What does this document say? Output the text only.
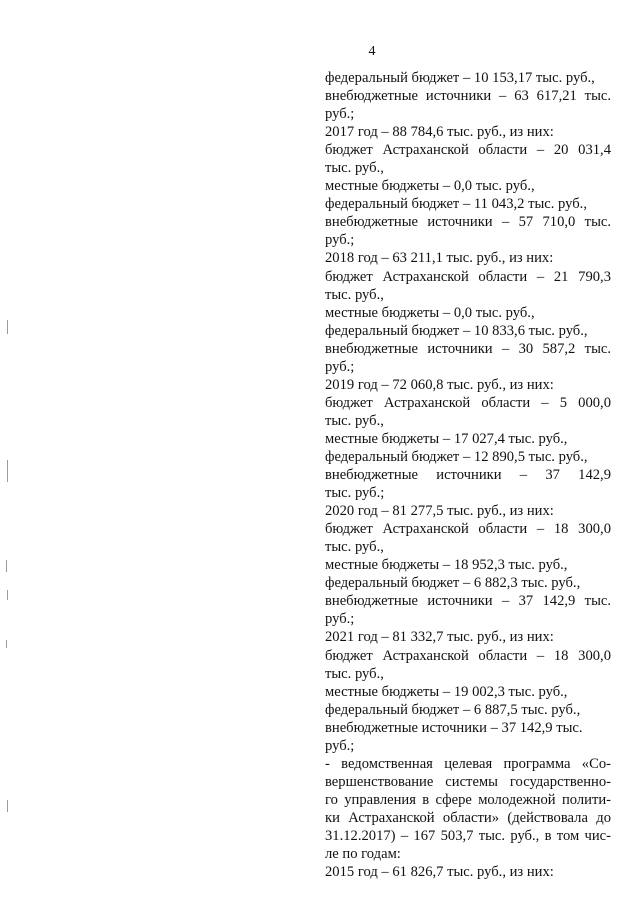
4
федеральный бюджет – 10 153,17 тыс. руб.,
внебюджетные источники – 63 617,21 тыс.
руб.;
2017 год – 88 784,6 тыс. руб., из них:
бюджет Астраханской области – 20 031,4
тыс. руб.,
местные бюджеты – 0,0 тыс. руб.,
федеральный бюджет – 11 043,2 тыс. руб.,
внебюджетные источники – 57 710,0 тыс.
руб.;
2018 год – 63 211,1 тыс. руб., из них:
бюджет Астраханской области – 21 790,3
тыс. руб.,
местные бюджеты – 0,0 тыс. руб.,
федеральный бюджет – 10 833,6 тыс. руб.,
внебюджетные источники – 30 587,2 тыс.
руб.;
2019 год – 72 060,8 тыс. руб., из них:
бюджет Астраханской области – 5 000,0
тыс. руб.,
местные бюджеты – 17 027,4 тыс. руб.,
федеральный бюджет – 12 890,5 тыс. руб.,
внебюджетные источники – 37 142,9
тыс. руб.;
2020 год – 81 277,5 тыс. руб., из них:
бюджет Астраханской области – 18 300,0
тыс. руб.,
местные бюджеты – 18 952,3 тыс. руб.,
федеральный бюджет – 6 882,3 тыс. руб.,
внебюджетные источники – 37 142,9 тыс.
руб.;
2021 год – 81 332,7 тыс. руб., из них:
бюджет Астраханской области – 18 300,0
тыс. руб.,
местные бюджеты – 19 002,3 тыс. руб.,
федеральный бюджет – 6 887,5 тыс. руб.,
внебюджетные источники – 37 142,9 тыс.
руб.;
- ведомственная целевая программа «Со-
вершенствование системы государственно-
го управления в сфере молодежной полити-
ки Астраханской области» (действовала до
31.12.2017) – 167 503,7 тыс. руб., в том чис-
ле по годам:
2015 год – 61 826,7 тыс. руб., из них:
